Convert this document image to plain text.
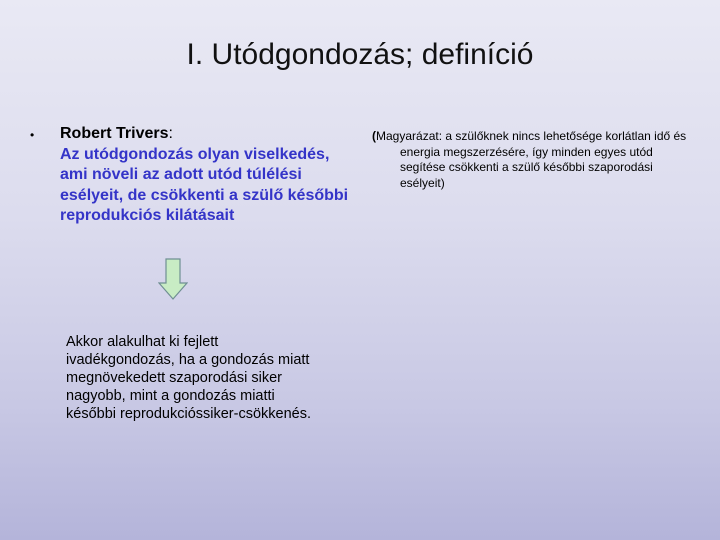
I. Utódgondozás; definíció
• Robert Trivers:
Az utódgondozás olyan viselkedés, ami növeli az adott utód túlélési esélyeit, de csökkenti a szülő későbbi reprodukciós kilátásait
Akkor alakulhat ki fejlett ivadékgondozás, ha a gondozás miatt megnövekedett szaporodási siker nagyobb, mint a gondozás miatti későbbi reprodukcióssiker-csökkenés.
(Magyarázat: a szülőknek nincs lehetősége korlátlan idő és energia megszerzésére, így minden egyes utód segítése csökkenti a szülő későbbi szaporodási esélyeit)
